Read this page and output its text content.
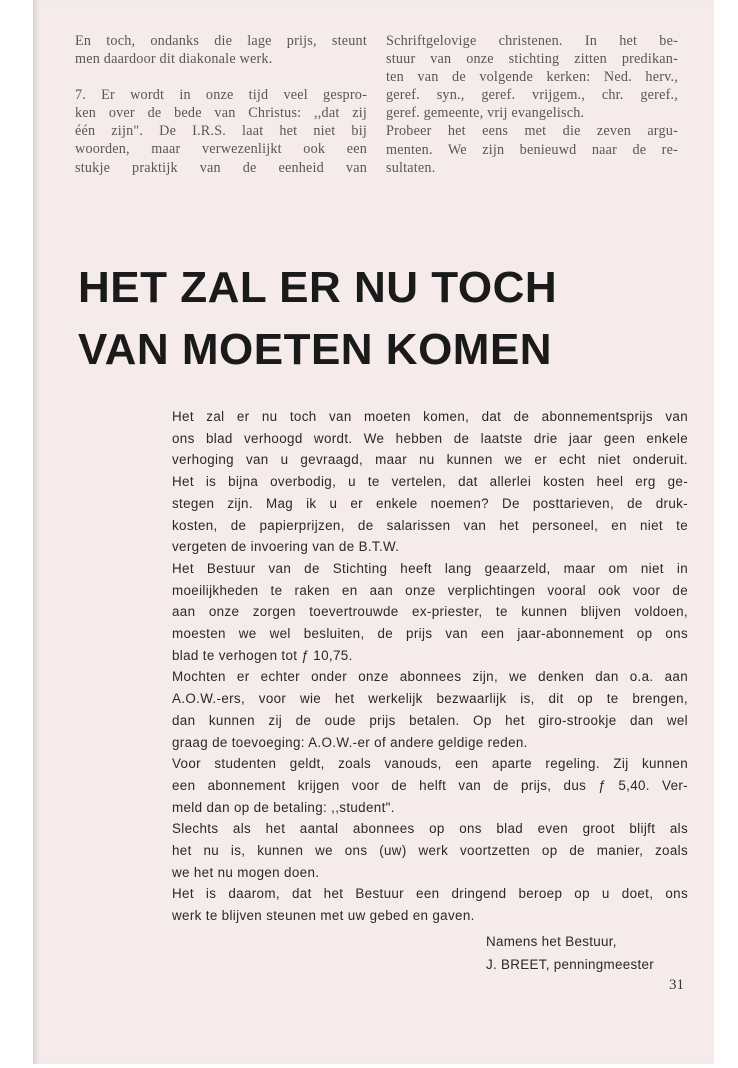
En toch, ondanks die lage prijs, steunt
men daardoor dit diakonale werk.
7. Er wordt in onze tijd veel gespro-
ken over de bede van Christus: ,,dat zij
één zijn". De I.R.S. laat het niet bij
woorden, maar verwezenlijkt ook een
stukje praktijk van de eenheid van
Schriftgelovige christenen. In het be-
stuur van onze stichting zitten predikan-
ten van de volgende kerken: Ned. herv.,
geref. syn., geref. vrijgem., chr. geref.,
geref. gemeente, vrij evangelisch.
Probeer het eens met die zeven argu-
menten. We zijn benieuwd naar de re-
sultaten.
HET ZAL ER NU TOCH
VAN MOETEN KOMEN
Het zal er nu toch van moeten komen, dat de abonnementsprijs van
ons blad verhoogd wordt. We hebben de laatste drie jaar geen enkele
verhoging van u gevraagd, maar nu kunnen we er echt niet onderuit.
Het is bijna overbodig, u te vertelen, dat allerlei kosten heel erg ge-
stegen zijn. Mag ik u er enkele noemen? De posttarieven, de druk-
kosten, de papierprijzen, de salarissen van het personeel, en niet te
vergeten de invoering van de B.T.W.
Het Bestuur van de Stichting heeft lang geaarzeld, maar om niet in
moeilijkheden te raken en aan onze verplichtingen vooral ook voor de
aan onze zorgen toevertrouwde ex-priester, te kunnen blijven voldoen,
moesten we wel besluiten, de prijs van een jaar-abonnement op ons
blad te verhogen tot ƒ 10,75.
Mochten er echter onder onze abonnees zijn, we denken dan o.a. aan
A.O.W.-ers, voor wie het werkelijk bezwaarlijk is, dit op te brengen,
dan kunnen zij de oude prijs betalen. Op het giro-strookje dan wel
graag de toevoeging: A.O.W.-er of andere geldige reden.
Voor studenten geldt, zoals vanouds, een aparte regeling. Zij kunnen
een abonnement krijgen voor de helft van de prijs, dus ƒ 5,40. Ver-
meld dan op de betaling: ,,student".
Slechts als het aantal abonnees op ons blad even groot blijft als
het nu is, kunnen we ons (uw) werk voortzetten op de manier, zoals
we het nu mogen doen.
Het is daarom, dat het Bestuur een dringend beroep op u doet, ons
werk te blijven steunen met uw gebed en gaven.
Namens het Bestuur,
J. BREET, penningmeester
31
